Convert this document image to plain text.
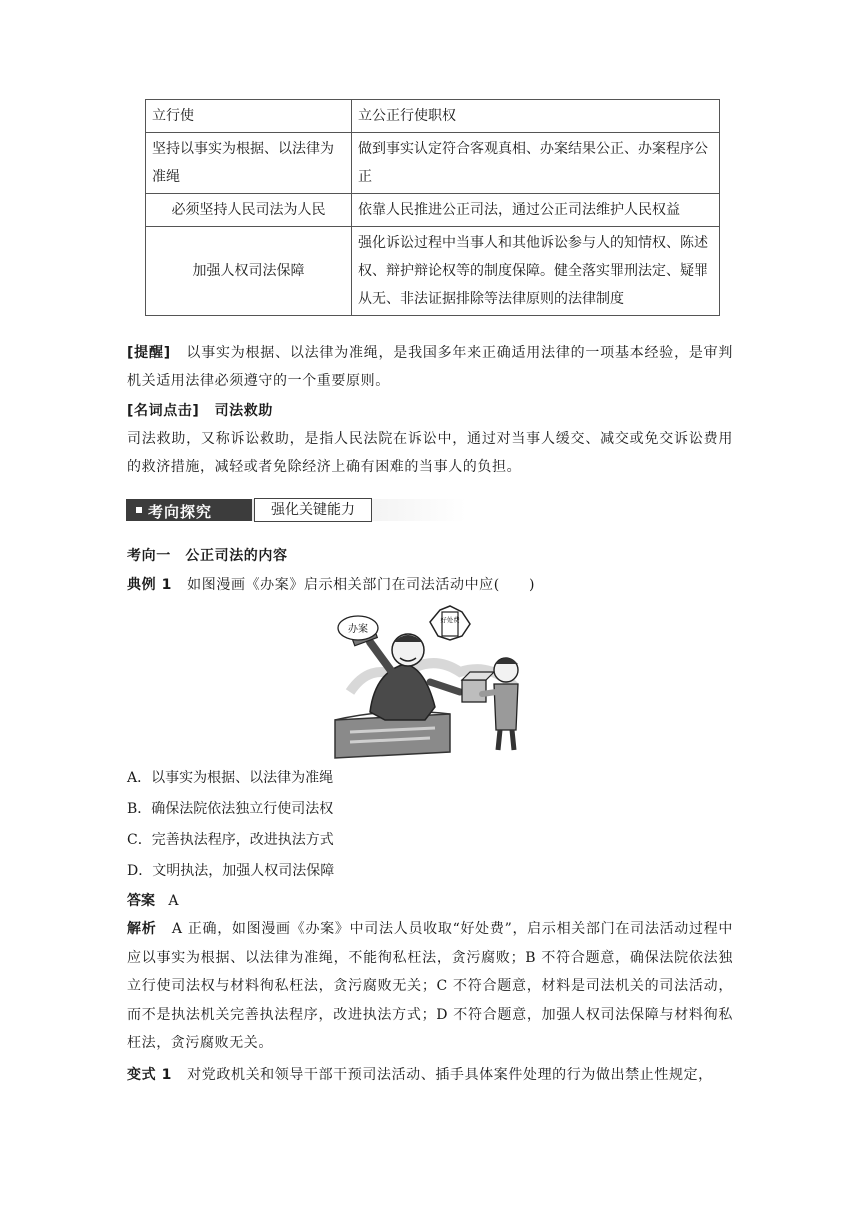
立行使	立公正行使职权
坚持以事实为根据、以法律为准绳	做到事实认定符合客观真相、办案结果公正、办案程序公正
必须坚持人民司法为人民	依靠人民推进公正司法，通过公正司法维护人民权益
加强人权司法保障	强化诉讼过程中当事人和其他诉讼参与人的知情权、陈述权、辩护辩论权等的制度保障。健全落实罪刑法定、疑罪从无、非法证据排除等法律原则的法律制度
[提醒] 以事实为根据、以法律为准绳，是我国多年来正确适用法律的一项基本经验，是审判机关适用法律必须遵守的一个重要原则。
[名词点击] 司法救助
司法救助，又称诉讼救助，是指人民法院在诉讼中，通过对当事人缓交、减交或免交诉讼费用的救济措施，减轻或者免除经济上确有困难的当事人的负担。
考向探究	强化关键能力
考向一　公正司法的内容
典例 1 如图漫画《办案》启示相关部门在司法活动中应(　　)
办案
好处费
A．以事实为根据、以法律为准绳
B．确保法院依法独立行使司法权
C．完善执法程序，改进执法方式
D．文明执法，加强人权司法保障
答案 A
解析 A 正确，如图漫画《办案》中司法人员收取“好处费”，启示相关部门在司法活动过程中应以事实为根据、以法律为准绳，不能徇私枉法，贪污腐败；B 不符合题意，确保法院依法独立行使司法权与材料徇私枉法，贪污腐败无关；C 不符合题意，材料是司法机关的司法活动，而不是执法机关完善执法程序，改进执法方式；D 不符合题意，加强人权司法保障与材料徇私枉法，贪污腐败无关。
变式 1 对党政机关和领导干部干预司法活动、插手具体案件处理的行为做出禁止性规定，
